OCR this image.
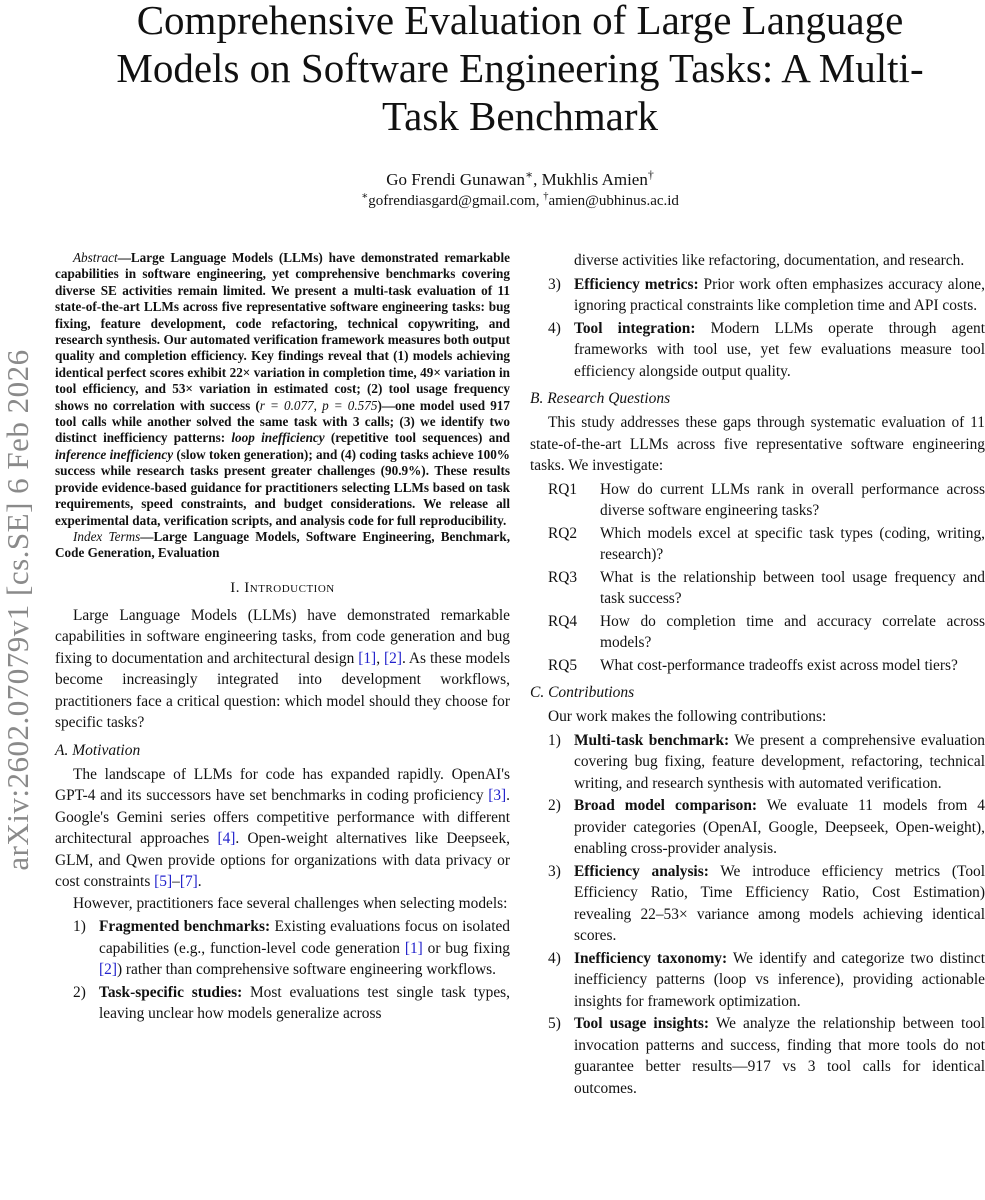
arXiv:2602.07079v1 [cs.SE] 6 Feb 2026
Comprehensive Evaluation of Large Language Models on Software Engineering Tasks: A Multi-Task Benchmark

Go Frendi Gunawan∗, Mukhlis Amien†

∗gofrendiasgard@gmail.com, †amien@ubhinus.ac.id

Abstract—Large Language Models (LLMs) have demonstrated remarkable capabilities in software engineering, yet comprehensive benchmarks covering diverse SE activities remain limited. We present a multi-task evaluation of 11 state-of-the-art LLMs across five representative software engineering tasks: bug fixing, feature development, code refactoring, technical copywriting, and research synthesis. Our automated verification framework measures both output quality and completion efficiency. Key findings reveal that (1) models achieving identical perfect scores exhibit 22× variation in completion time, 49× variation in tool efficiency, and 53× variation in estimated cost; (2) tool usage frequency shows no correlation with success (r = 0.077, p = 0.575)—one model used 917 tool calls while another solved the same task with 3 calls; (3) we identify two distinct inefficiency patterns: loop inefficiency (repetitive tool sequences) and inference inefficiency (slow token generation); and (4) coding tasks achieve 100% success while research tasks present greater challenges (90.9%). These results provide evidence-based guidance for practitioners selecting LLMs based on task requirements, speed constraints, and budget considerations. We release all experimental data, verification scripts, and analysis code for full reproducibility.

Index Terms—Large Language Models, Software Engineering, Benchmark, Code Generation, Evaluation

I. Introduction

Large Language Models (LLMs) have demonstrated remarkable capabilities in software engineering tasks, from code generation and bug fixing to documentation and architectural design [1], [2]. As these models become increasingly integrated into development workflows, practitioners face a critical question: which model should they choose for specific tasks?

A. Motivation

The landscape of LLMs for code has expanded rapidly. OpenAI's GPT-4 and its successors have set benchmarks in coding proficiency [3]. Google's Gemini series offers competitive performance with different architectural approaches [4]. Open-weight alternatives like Deepseek, GLM, and Qwen provide options for organizations with data privacy or cost constraints [5]–[7].

However, practitioners face several challenges when selecting models:

1) Fragmented benchmarks: Existing evaluations focus on isolated capabilities (e.g., function-level code generation [1] or bug fixing [2]) rather than comprehensive software engineering workflows.
2) Task-specific studies: Most evaluations test single task types, leaving unclear how models generalize across

diverse activities like refactoring, documentation, and research.

3) Efficiency metrics: Prior work often emphasizes accuracy alone, ignoring practical constraints like completion time and API costs.
4) Tool integration: Modern LLMs operate through agent frameworks with tool use, yet few evaluations measure tool efficiency alongside output quality.
B. Research Questions

This study addresses these gaps through systematic evaluation of 11 state-of-the-art LLMs across five representative software engineering tasks. We investigate:

RQ1 How do current LLMs rank in overall performance across diverse software engineering tasks?
RQ2 Which models excel at specific task types (coding, writing, research)?
RQ3 What is the relationship between tool usage frequency and task success?
RQ4 How do completion time and accuracy correlate across models?
RQ5 What cost-performance tradeoffs exist across model tiers?
C. Contributions

Our work makes the following contributions:

1) Multi-task benchmark: We present a comprehensive evaluation covering bug fixing, feature development, refactoring, technical writing, and research synthesis with automated verification.
2) Broad model comparison: We evaluate 11 models from 4 provider categories (OpenAI, Google, Deepseek, Open-weight), enabling cross-provider analysis.
3) Efficiency analysis: We introduce efficiency metrics (Tool Efficiency Ratio, Time Efficiency Ratio, Cost Estimation) revealing 22–53× variance among models achieving identical scores.
4) Inefficiency taxonomy: We identify and categorize two distinct inefficiency patterns (loop vs inference), providing actionable insights for framework optimization.
5) Tool usage insights: We analyze the relationship between tool invocation patterns and success, finding that more tools do not guarantee better results—917 vs 3 tool calls for identical outcomes.
